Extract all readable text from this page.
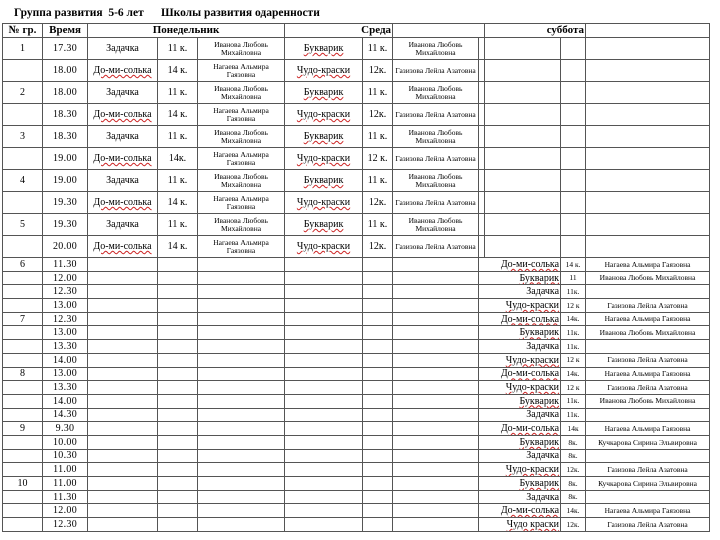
Группа развития  5-6 лет Школы развития одаренности
№ гр.	Время	Понедельник			Среда				суббота		
1	17.30	Задачка	11 к.	Иванова Любовь Михайловна	Букварик	11 к.	Иванова Любовь Михайловна				
	18.00	До-ми-солька	14 к.	Нагаева Альмира Гаязовна	Чудо-краски	12к.	Газизова Лейла Азатовна				
2	18.00	Задачка	11 к.	Иванова Любовь Михайловна	Букварик	11 к.	Иванова Любовь Михайловна				
	18.30	До-ми-солька	14 к.	Нагаева Альмира Гаязовна	Чудо-краски	12к.	Газизова Лейла Азатовна				
3	18.30	Задачка	11 к.	Иванова Любовь Михайловна	Букварик	11 к.	Иванова Любовь Михайловна				
	19.00	До-ми-солька	14к.	Нагаева Альмира Гаязовна	Чудо-краски	12 к.	Газизова Лейла Азатовна				
4	19.00	Задачка	11 к.	Иванова Любовь Михайловна	Букварик	11 к.	Иванова Любовь Михайловна				
	19.30	До-ми-солька	14 к.	Нагаева Альмира Гаязовна	Чудо-краски	12к.	Газизова Лейла Азатовна				
5	19.30	Задачка	11 к.	Иванова Любовь Михайловна	Букварик	11 к.	Иванова Любовь Михайловна				
	20.00	До-ми-солька	14 к.	Нагаева Альмира Гаязовна	Чудо-краски	12к.	Газизова Лейла Азатовна				
6	11.30							До-ми-солька		14 к.	Нагаева Альмира Гаязовна
	12.00							Букварик		11	Иванова Любовь Михайловна
	12.30							Задачка		11к.	
	13.00							Чудо-краски		12 к	Газизова Лейла Азатовна
7	12.30							До-ми-солька		14к.	Нагаева Альмира Гаязовна
	13.00							Букварик		11к.	Иванова Любовь Михайловна
	13.30							Задачка		11к.	
	14.00							Чудо-краски		12 к	Газизова Лейла Азатовна
8	13.00							До-ми-солька		14к.	Нагаева Альмира Гаязовна
	13.30							Чудо-краски		12 к	Газизова Лейла Азатовна
	14.00							Букварик		11к.	Иванова Любовь Михайловна
	14.30							Задачка		11к.	
9	9.30							До-ми-солька		14к	Нагаева Альмира Гаязовна
	10.00							Букварик		8к.	Кучкарова Сирина Эльвировна
	10.30							Задачка		8к.	
	11.00							Чудо-краски		12к.	Газизова Лейла Азатовна
10	11.00							Букварик		8к.	Кучкарова Сирина Эльвировна
	11.30							Задачка		8к.	
	12.00							До-ми-солька		14к.	Нагаева Альмира Гаязовна
	12.30							Чудо краски		12к.	Газизова Лейла Азатовна
